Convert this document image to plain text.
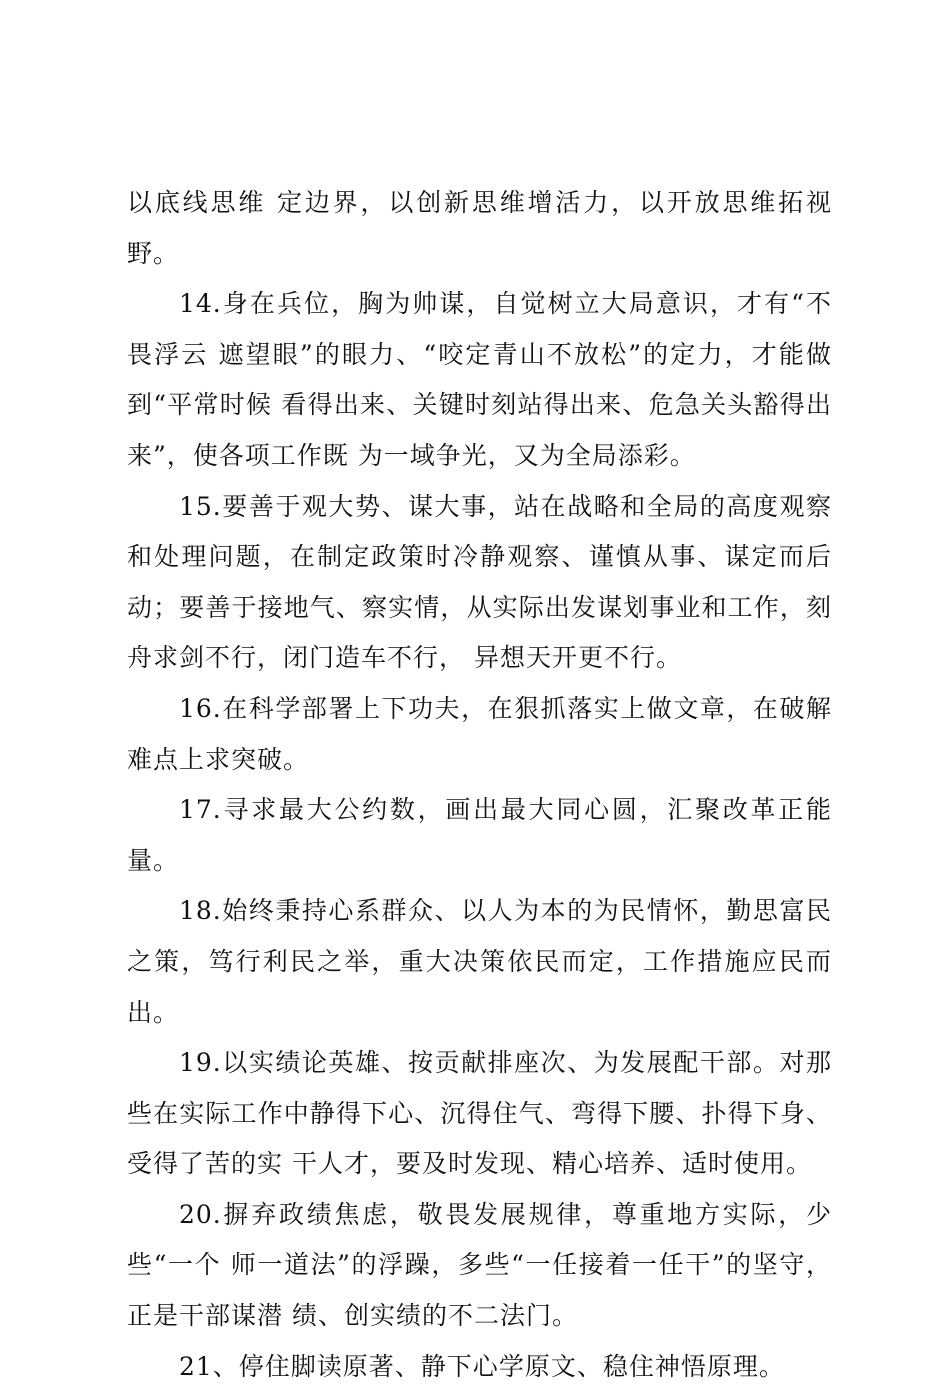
以底线思维 定边界，以创新思维增活力，以开放思维拓视野。

14.身在兵位，胸为帅谋，自觉树立大局意识，才有“不畏浮云 遮望眼”的眼力、“咬定青山不放松”的定力，才能做到“平常时候 看得出来、关键时刻站得出来、危急关头豁得出来”，使各项工作既 为一域争光，又为全局添彩。

15.要善于观大势、谋大事，站在战略和全局的高度观察和处理问题，在制定政策时冷静观察、谨慎从事、谋定而后动；要善于接地气、察实情，从实际出发谋划事业和工作，刻舟求剑不行，闭门造车不行， 异想天开更不行。

16.在科学部署上下功夫，在狠抓落实上做文章，在破解难点上求突破。

17.寻求最大公约数，画出最大同心圆，汇聚改革正能量。

18.始终秉持心系群众、以人为本的为民情怀，勤思富民之策，笃行利民之举，重大决策依民而定，工作措施应民而出。

19.以实绩论英雄、按贡献排座次、为发展配干部。对那些在实际工作中静得下心、沉得住气、弯得下腰、扑得下身、受得了苦的实 干人才，要及时发现、精心培养、适时使用。

20.摒弃政绩焦虑，敬畏发展规律，尊重地方实际，少些“一个 师一道法”的浮躁，多些“一任接着一任干”的坚守，正是干部谋潜 绩、创实绩的不二法门。

21、停住脚读原著、静下心学原文、稳住神悟原理。
